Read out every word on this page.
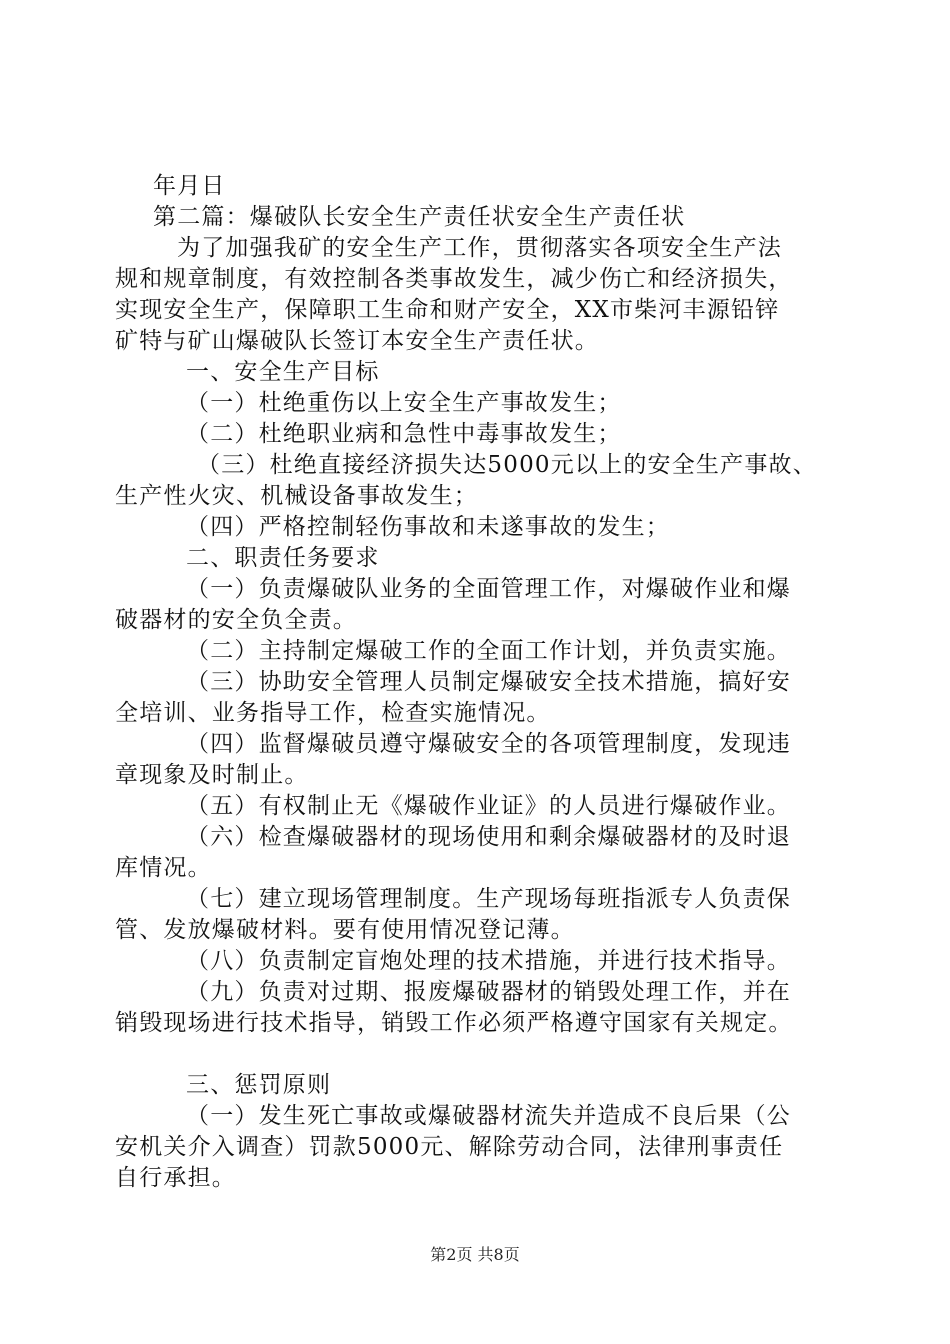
年月日
第二篇：爆破队长安全生产责任状安全生产责任状
为了加强我矿的安全生产工作，贯彻落实各项安全生产法
规和规章制度，有效控制各类事故发生，减少伤亡和经济损失，
实现安全生产，保障职工生命和财产安全，XX市柴河丰源铅锌
矿特与矿山爆破队长签订本安全生产责任状。
一、安全生产目标
（一）杜绝重伤以上安全生产事故发生；
（二）杜绝职业病和急性中毒事故发生；
（三）杜绝直接经济损失达5000元以上的安全生产事故、
生产性火灾、机械设备事故发生；
（四）严格控制轻伤事故和未遂事故的发生；
二、职责任务要求
（一）负责爆破队业务的全面管理工作，对爆破作业和爆
破器材的安全负全责。
（二）主持制定爆破工作的全面工作计划，并负责实施。
（三）协助安全管理人员制定爆破安全技术措施，搞好安
全培训、业务指导工作，检查实施情况。
（四）监督爆破员遵守爆破安全的各项管理制度，发现违
章现象及时制止。
（五）有权制止无《爆破作业证》的人员进行爆破作业。
（六）检查爆破器材的现场使用和剩余爆破器材的及时退
库情况。
（七）建立现场管理制度。生产现场每班指派专人负责保
管、发放爆破材料。要有使用情况登记薄。
（八）负责制定盲炮处理的技术措施，并进行技术指导。
（九）负责对过期、报废爆破器材的销毁处理工作，并在
销毁现场进行技术指导，销毁工作必须严格遵守国家有关规定。
三、惩罚原则
（一）发生死亡事故或爆破器材流失并造成不良后果（公
安机关介入调查）罚款5000元、解除劳动合同，法律刑事责任
自行承担。
第2页 共8页
